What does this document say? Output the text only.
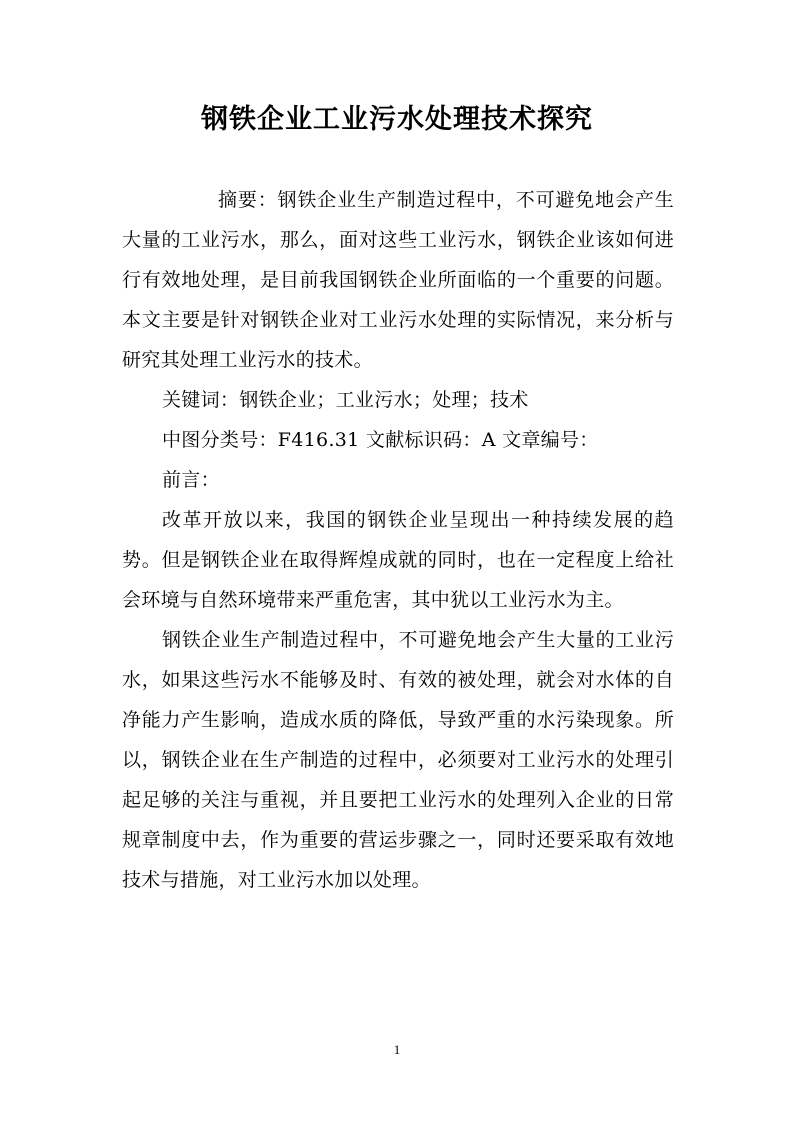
钢铁企业工业污水处理技术探究

摘要：钢铁企业生产制造过程中，不可避免地会产生大量的工业污水，那么，面对这些工业污水，钢铁企业该如何进行有效地处理，是目前我国钢铁企业所面临的一个重要的问题。本文主要是针对钢铁企业对工业污水处理的实际情况，来分析与研究其处理工业污水的技术。

关键词：钢铁企业；工业污水；处理；技术

中图分类号：F416.31 文献标识码：A 文章编号：

前言：

改革开放以来，我国的钢铁企业呈现出一种持续发展的趋势。但是钢铁企业在取得辉煌成就的同时，也在一定程度上给社会环境与自然环境带来严重危害，其中犹以工业污水为主。

钢铁企业生产制造过程中，不可避免地会产生大量的工业污水，如果这些污水不能够及时、有效的被处理，就会对水体的自净能力产生影响，造成水质的降低，导致严重的水污染现象。所以，钢铁企业在生产制造的过程中，必须要对工业污水的处理引起足够的关注与重视，并且要把工业污水的处理列入企业的日常规章制度中去，作为重要的营运步骤之一，同时还要采取有效地技术与措施，对工业污水加以处理。

1
